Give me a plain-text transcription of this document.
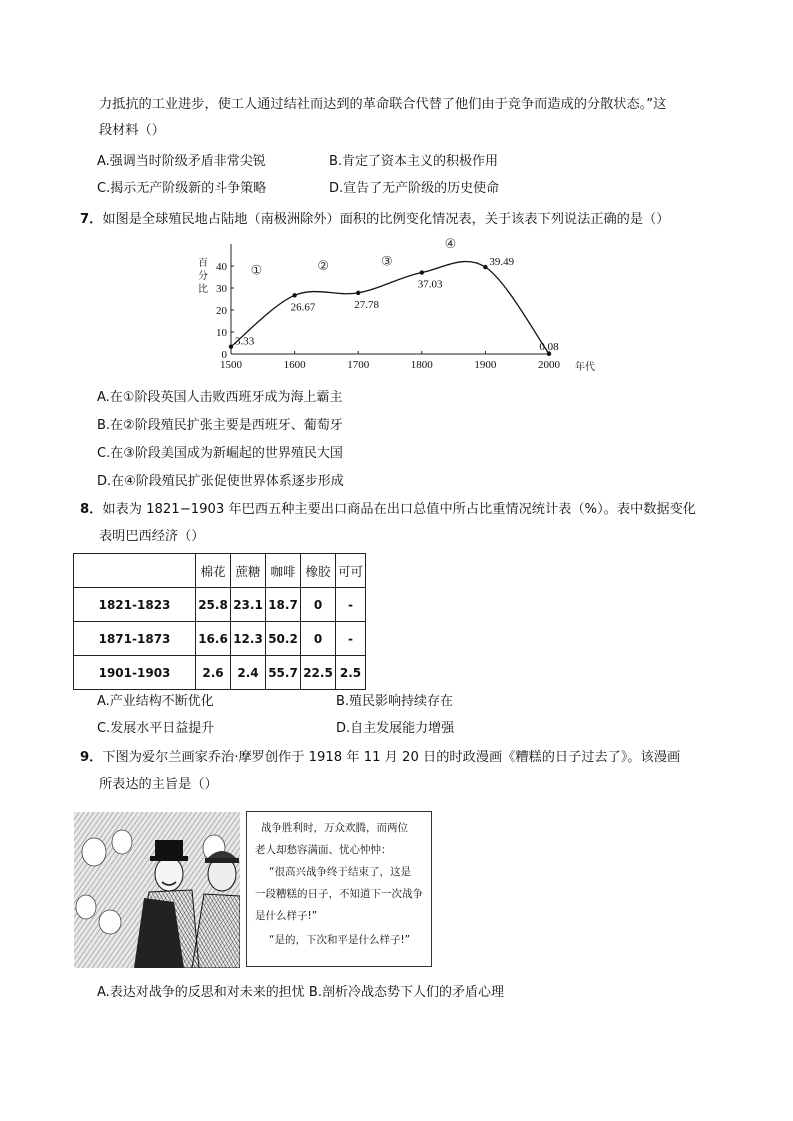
力抵抗的工业进步，使工人通过结社而达到的革命联合代替了他们由于竞争而造成的分散状态。”这
段材料（）
A.强调当时阶级矛盾非常尖锐	B.肯定了资本主义的积极作用
C.揭示无产阶级新的斗争策略	D.宣告了无产阶级的历史使命
7．如图是全球殖民地占陆地（南极洲除外）面积的比例变化情况表，关于该表下列说法正确的是（）
1500	1600	1700	1800	1900	2000
0
10
20
30
40
3.33
26.67	27.78
37.03
39.49
0.08
①	②	③
④
百分比
年代
A.在①阶段英国人击败西班牙成为海上霸主
B.在②阶段殖民扩张主要是西班牙、葡萄牙
C.在③阶段美国成为新崛起的世界殖民大国
D.在④阶段殖民扩张促使世界体系逐步形成
8．如表为 1821−1903 年巴西五种主要出口商品在出口总值中所占比重情况统计表（%）。表中数据变化
表明巴西经济（）
	棉花	蔗糖	咖啡	橡胶	可可
1821-1823	25.8	23.1	18.7	0	-
1871-1873	16.6	12.3	50.2	0	-
1901-1903	2.6	2.4	55.7	22.5	2.5
A.产业结构不断优化	B.殖民影响持续存在
C.发展水平日益提升	D.自主发展能力增强
9．下图为爱尔兰画家乔治·摩罗创作于 1918 年 11 月 20 日的时政漫画《糟糕的日子过去了》。该漫画
所表达的主旨是（）
战争胜利时，万众欢腾，而两位
老人却愁容满面、忧心忡忡：
“很高兴战争终于结束了，这是
一段糟糕的日子，不知道下一次战争
是什么样子!”
“是的，下次和平是什么样子!”
A.表达对战争的反思和对未来的担忧 B.剖析冷战态势下人们的矛盾心理
